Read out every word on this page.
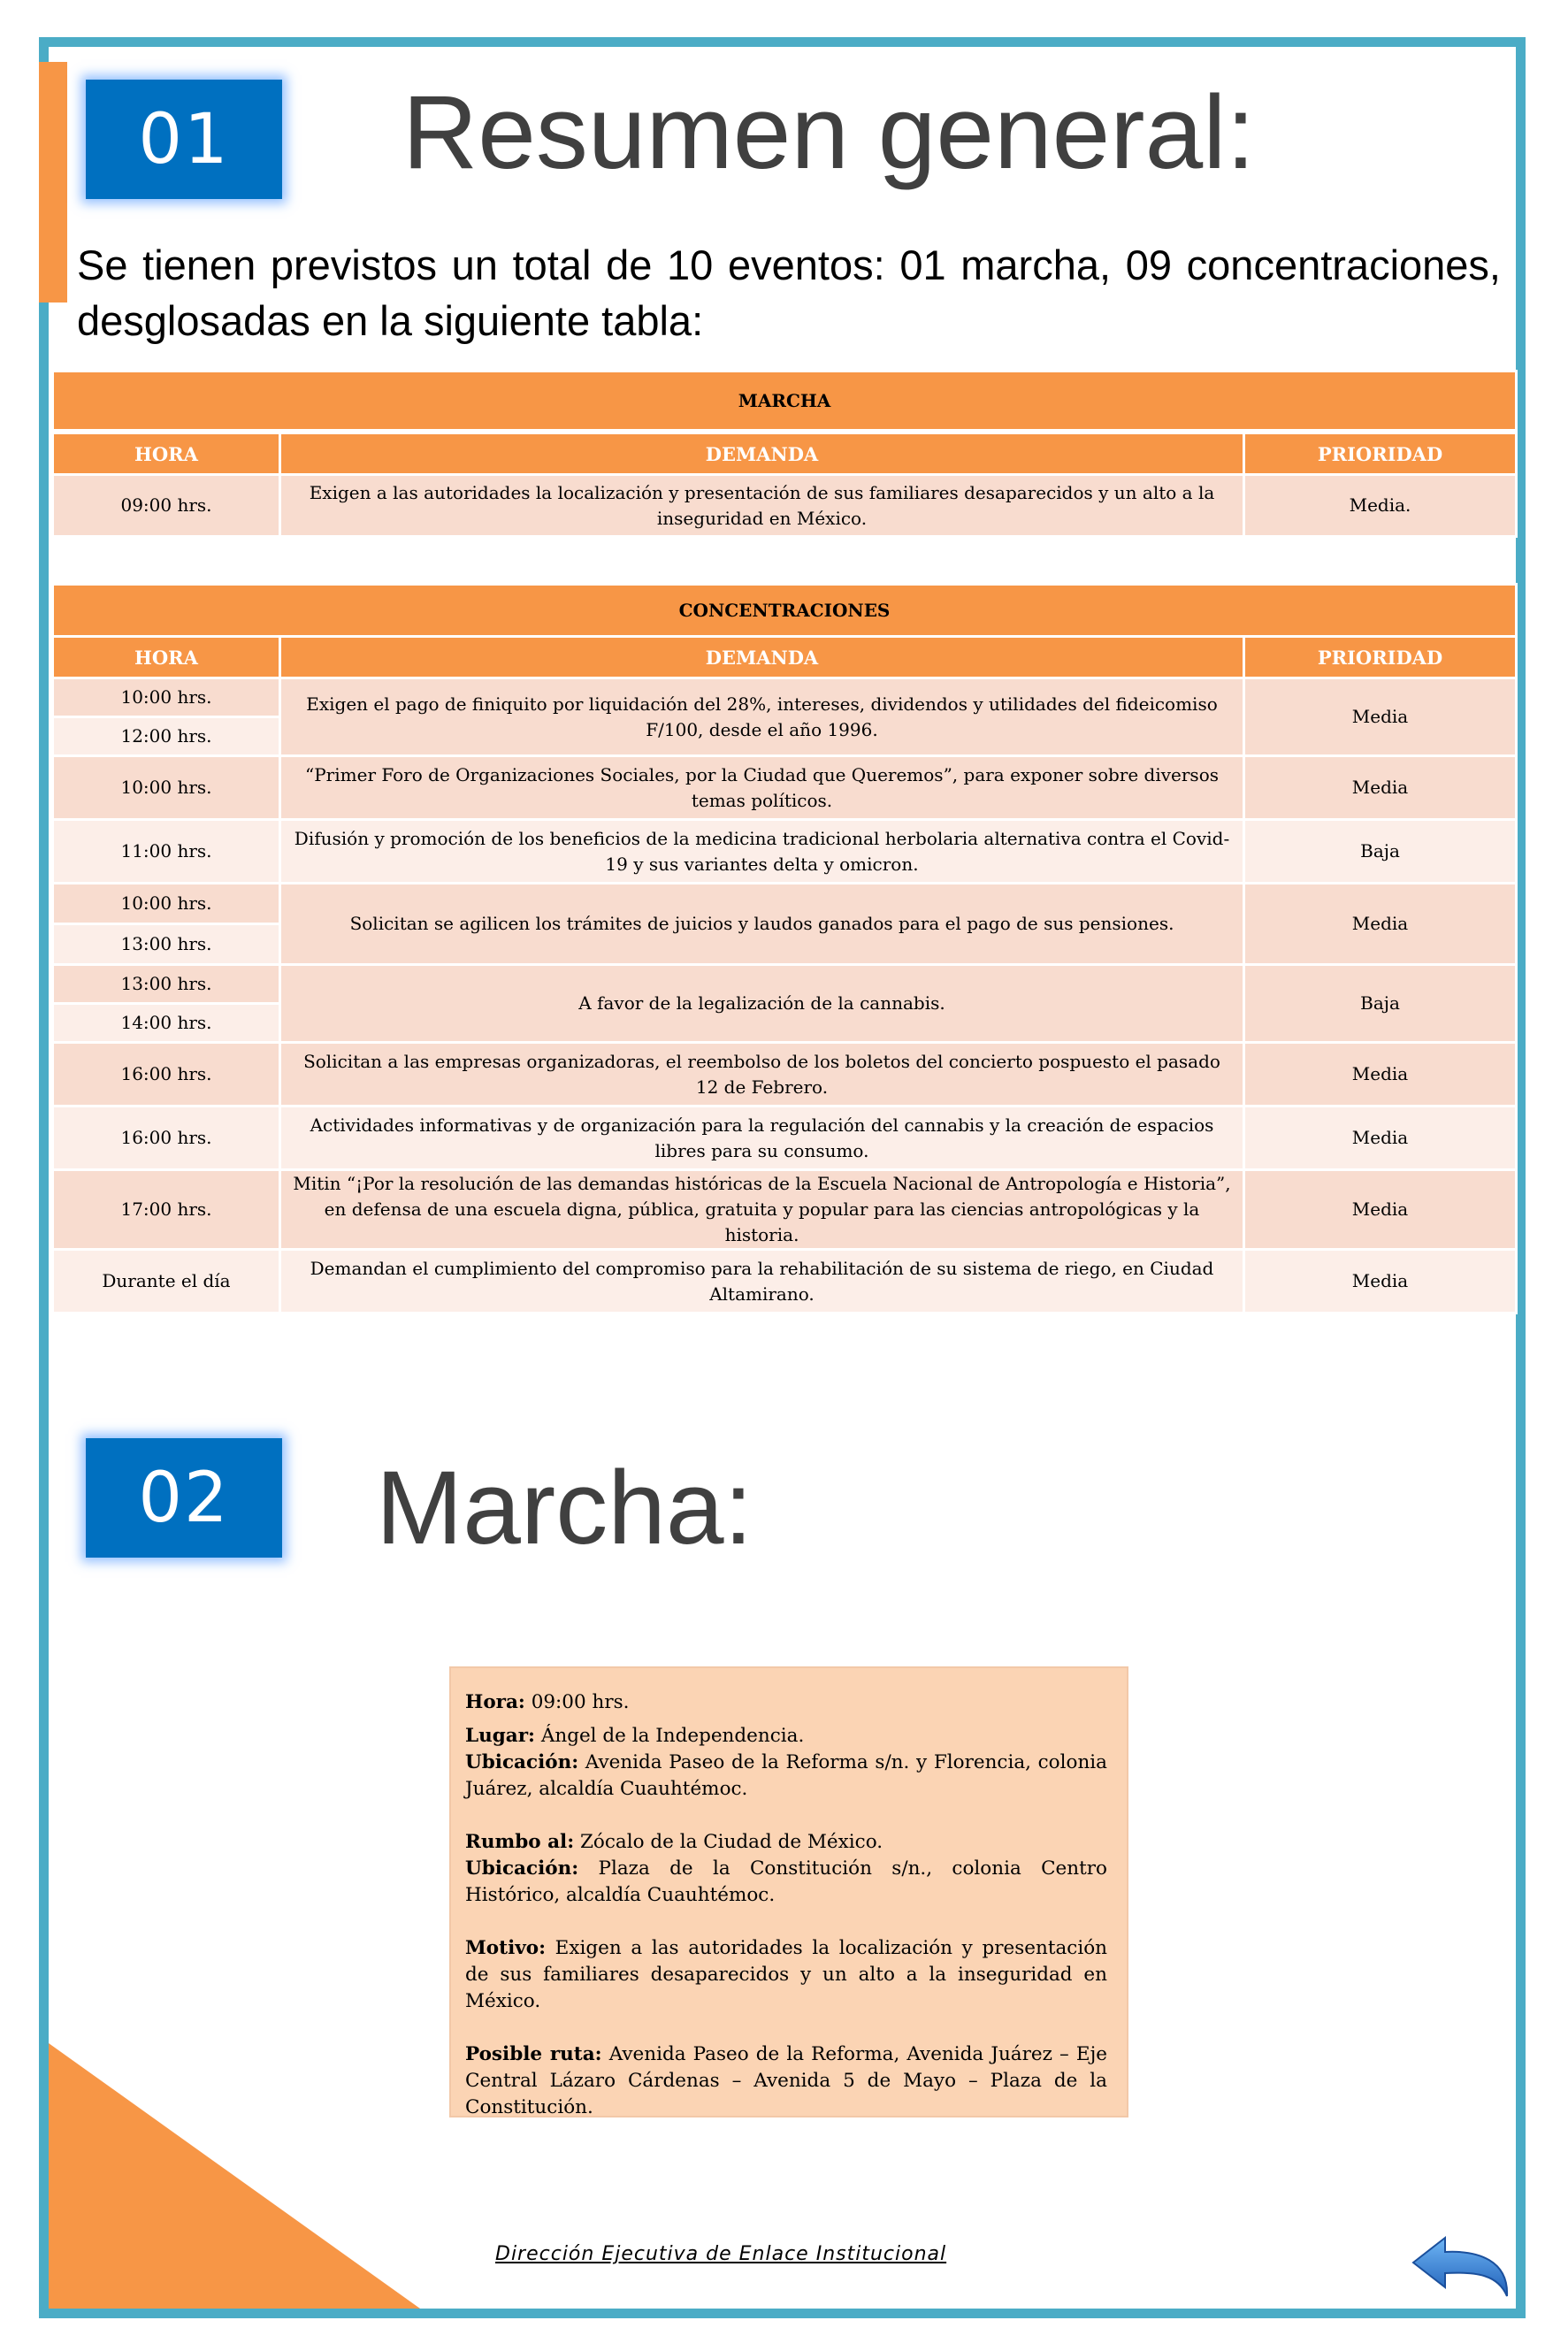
01	Resumen general:
Se tienen previstos un total de 10 eventos: 01 marcha, 09 concentraciones, desglosadas en la siguiente tabla:
MARCHA		
HORA	DEMANDA	PRIORIDAD
09:00 hrs.	Exigen a las autoridades la localización y presentación de sus familiares desaparecidos y un alto a la inseguridad en México.	Media.
CONCENTRACIONES		
HORA	DEMANDA	PRIORIDAD
10:00 hrs.	Exigen el pago de finiquito por liquidación del 28%, intereses, dividendos y utilidades del fideicomiso F/100, desde el año 1996.	Media
12:00 hrs.		
10:00 hrs.	“Primer Foro de Organizaciones Sociales, por la Ciudad que Queremos”, para exponer sobre diversos temas políticos.	Media
11:00 hrs.	Difusión y promoción de los beneficios de la medicina tradicional herbolaria alternativa contra el Covid-19 y sus variantes delta y omicron.	Baja
10:00 hrs.	Solicitan se agilicen los trámites de juicios y laudos ganados para el pago de sus pensiones.	Media
13:00 hrs.		
13:00 hrs.	A favor de la legalización de la cannabis.	Baja
14:00 hrs.		
16:00 hrs.	Solicitan a las empresas organizadoras, el reembolso de los boletos del concierto pospuesto el pasado 12 de Febrero.	Media
16:00 hrs.	Actividades informativas y de organización para la regulación del cannabis y la creación de espacios libres para su consumo.	Media
17:00 hrs.	Mitin “¡Por la resolución de las demandas históricas de la Escuela Nacional de Antropología e Historia”, en defensa de una escuela digna, pública, gratuita y popular para las ciencias antropológicas y la historia.	Media
Durante el día	Demandan el cumplimiento del compromiso para la rehabilitación de su sistema de riego, en Ciudad Altamirano.	Media
02	Marcha:

Hora: 09:00 hrs.

Lugar: Ángel de la Independencia.

Ubicación: Avenida Paseo de la Reforma s/n. y Florencia, colonia Juárez, alcaldía Cuauhtémoc.

Rumbo al: Zócalo de la Ciudad de México.

Ubicación: Plaza de la Constitución s/n., colonia Centro Histórico, alcaldía Cuauhtémoc.

Motivo: Exigen a las autoridades la localización y presentación de sus familiares desaparecidos y un alto a la inseguridad en México.

Posible ruta: Avenida Paseo de la Reforma, Avenida Juárez – Eje Central Lázaro Cárdenas – Avenida 5 de Mayo – Plaza de la Constitución.

Dirección Ejecutiva de Enlace Institucional
